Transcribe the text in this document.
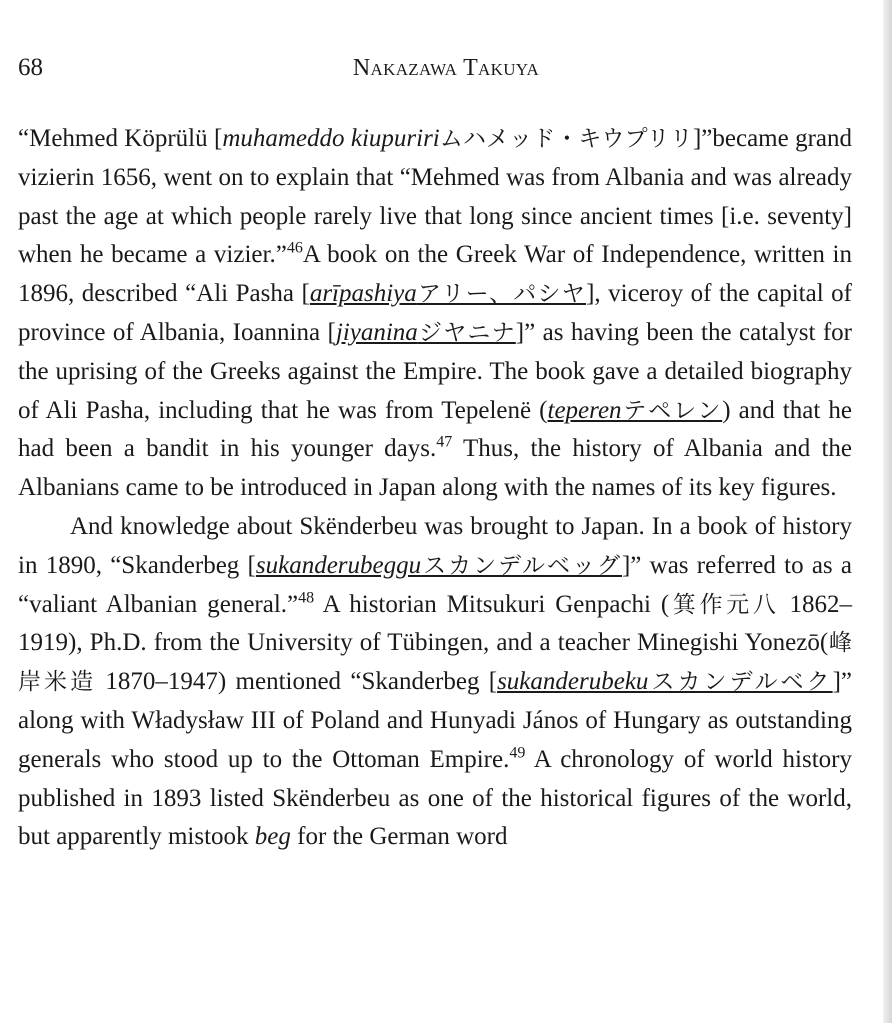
68	Nakazawa Takuya

“Mehmed Köprülü [muhameddo kiupuririムハメッド・キウプリリ]”became grand vizierin 1656, went on to explain that “Mehmed was from Albania and was already past the age at which people rarely live that long since ancient times [i.e. seventy] when he became a vizier.”$^{46}$A book on the Greek War of Independence, written in 1896, described “Ali Pasha [arīpashiyaアリー、パシヤ], viceroy of the capital of province of Albania, Ioannina [jiyaninaジヤニナ]” as having been the catalyst for the uprising of the Greeks against the Empire. The book gave a detailed biography of Ali Pasha, including that he was from Tepelenë (teperenテペレン) and that he had been a bandit in his younger days.$^{47}$ Thus, the history of Albania and the Albanians came to be introduced in Japan along with the names of its key figures.

And knowledge about Skënderbeu was brought to Japan. In a book of history in 1890, “Skanderbeg [sukanderubegguスカンデルベッグ]” was referred to as a “valiant Albanian general.”$^{48}$ A historian Mitsukuri Genpachi (箕作元八 1862–1919), Ph.D. from the University of Tübingen, and a teacher Minegishi Yonezō(峰岸米造 1870–1947) mentioned “Skanderbeg [sukanderubekuスカンデルベク]” along with Władysław III of Poland and Hunyadi János of Hungary as outstanding generals who stood up to the Ottoman Empire.$^{49}$ A chronology of world history published in 1893 listed Skënderbeu as one of the historical figures of the world, but apparently mistook beg for the German word
